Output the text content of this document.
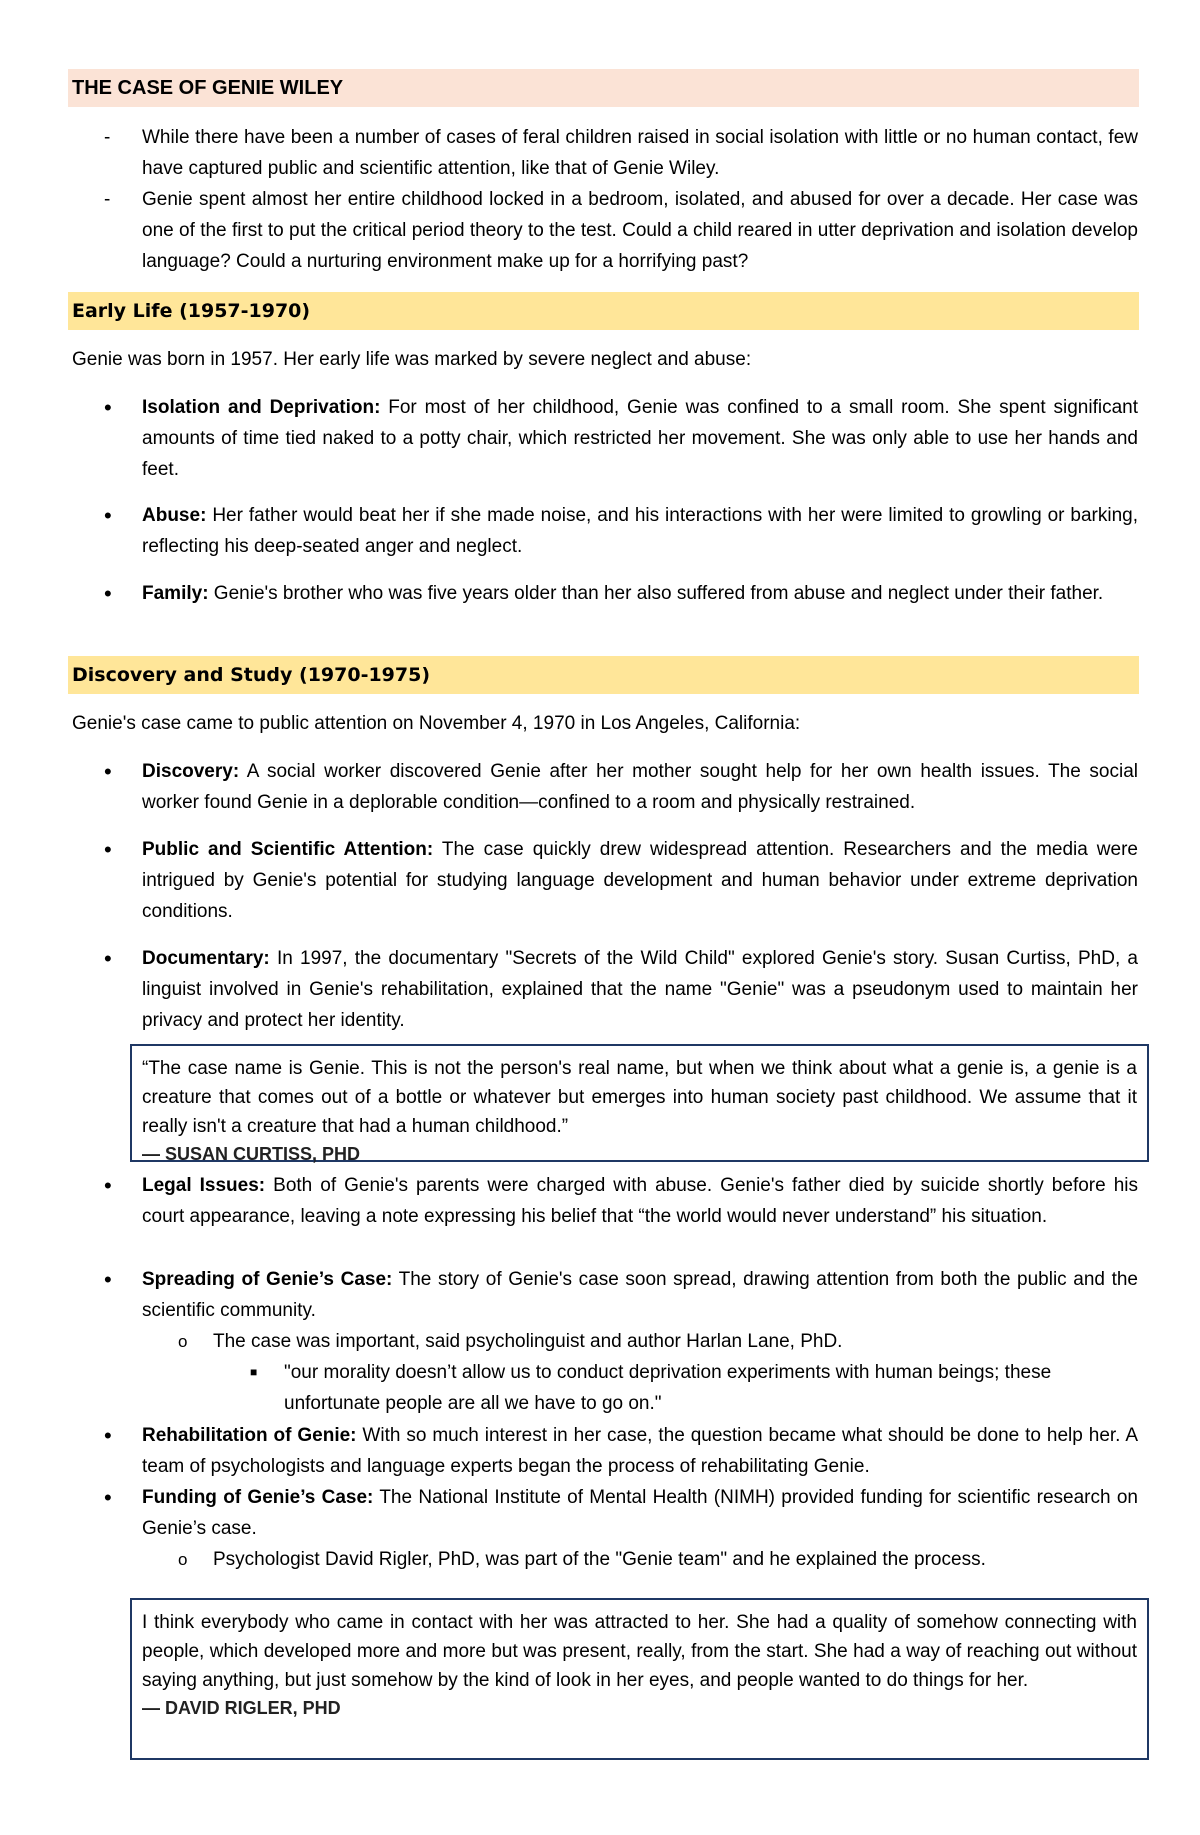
THE CASE OF GENIE WILEY
- While there have been a number of cases of feral children raised in social isolation with little or no human contact, few have captured public and scientific attention, like that of Genie Wiley.
- Genie spent almost her entire childhood locked in a bedroom, isolated, and abused for over a decade. Her case was one of the first to put the critical period theory to the test. Could a child reared in utter deprivation and isolation develop language? Could a nurturing environment make up for a horrifying past?
Early Life (1957-1970)
Genie was born in 1957. Her early life was marked by severe neglect and abuse:
• Isolation and Deprivation: For most of her childhood, Genie was confined to a small room. She spent significant amounts of time tied naked to a potty chair, which restricted her movement. She was only able to use her hands and feet.
• Abuse: Her father would beat her if she made noise, and his interactions with her were limited to growling or barking, reflecting his deep-seated anger and neglect.
• Family: Genie's brother who was five years older than her also suffered from abuse and neglect under their father.
Discovery and Study (1970-1975)
Genie's case came to public attention on November 4, 1970 in Los Angeles, California:
• Discovery: A social worker discovered Genie after her mother sought help for her own health issues. The social worker found Genie in a deplorable condition—confined to a room and physically restrained.
• Public and Scientific Attention: The case quickly drew widespread attention. Researchers and the media were intrigued by Genie's potential for studying language development and human behavior under extreme deprivation conditions.
• Documentary: In 1997, the documentary "Secrets of the Wild Child" explored Genie's story. Susan Curtiss, PhD, a linguist involved in Genie's rehabilitation, explained that the name "Genie" was a pseudonym used to maintain her privacy and protect her identity.
“The case name is Genie. This is not the person's real name, but when we think about what a genie is, a genie is a creature that comes out of a bottle or whatever but emerges into human society past childhood. We assume that it really isn't a creature that had a human childhood.”
— SUSAN CURTISS, PHD
• Legal Issues: Both of Genie's parents were charged with abuse. Genie's father died by suicide shortly before his court appearance, leaving a note expressing his belief that “the world would never understand” his situation.
• Spreading of Genie’s Case: The story of Genie's case soon spread, drawing attention from both the public and the scientific community.
o The case was important, said psycholinguist and author Harlan Lane, PhD.
■ "our morality doesn’t allow us to conduct deprivation experiments with human beings; these unfortunate people are all we have to go on."
• Rehabilitation of Genie: With so much interest in her case, the question became what should be done to help her. A team of psychologists and language experts began the process of rehabilitating Genie.
• Funding of Genie’s Case: The National Institute of Mental Health (NIMH) provided funding for scientific research on Genie’s case.
o Psychologist David Rigler, PhD, was part of the "Genie team" and he explained the process.
I think everybody who came in contact with her was attracted to her. She had a quality of somehow connecting with people, which developed more and more but was present, really, from the start. She had a way of reaching out without saying anything, but just somehow by the kind of look in her eyes, and people wanted to do things for her.
— DAVID RIGLER, PHD
